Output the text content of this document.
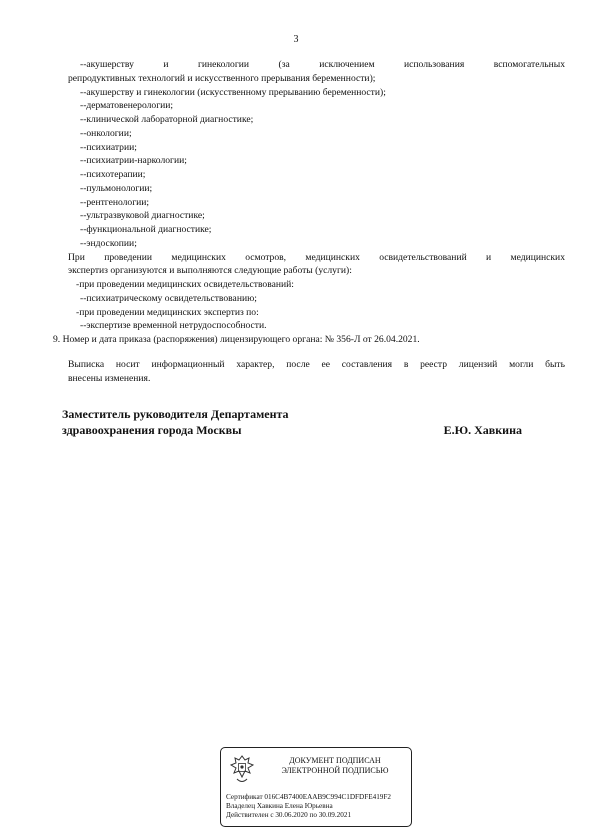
3
--акушерству и гинекологии (за исключением использования вспомогательных
репродуктивных технологий и искусственного прерывания беременности);
--акушерству и гинекологии (искусственному прерыванию беременности);
--дерматовенерологии;
--клинической лабораторной диагностике;
--онкологии;
--психиатрии;
--психиатрии-наркологии;
--психотерапии;
--пульмонологии;
--рентгенологии;
--ультразвуковой диагностике;
--функциональной диагностике;
--эндоскопии;
При проведении медицинских осмотров, медицинских освидетельствований и медицинских
экспертиз организуются и выполняются следующие работы (услуги):
-при проведении медицинских освидетельствований:
--психиатрическому освидетельствованию;
-при проведении медицинских экспертиз по:
--экспертизе временной нетрудоспособности.
9. Номер и дата приказа (распоряжения) лицензирующего органа: № 356-Л от 26.04.2021.
Выписка носит информационный характер, после ее составления в реестр лицензий могли быть
внесены изменения.
Заместитель руководителя Департамента
здравоохранения города Москвы	Е.Ю. Хавкина
ДОКУМЕНТ ПОДПИСАН
ЭЛЕКТРОННОЙ ПОДПИСЬЮ
Сертификат 016C4B7400EAAB9C994C1DFDFE419F2
Владелец Хавкина Елена Юрьевна
Действителен с 30.06.2020 по 30.09.2021
